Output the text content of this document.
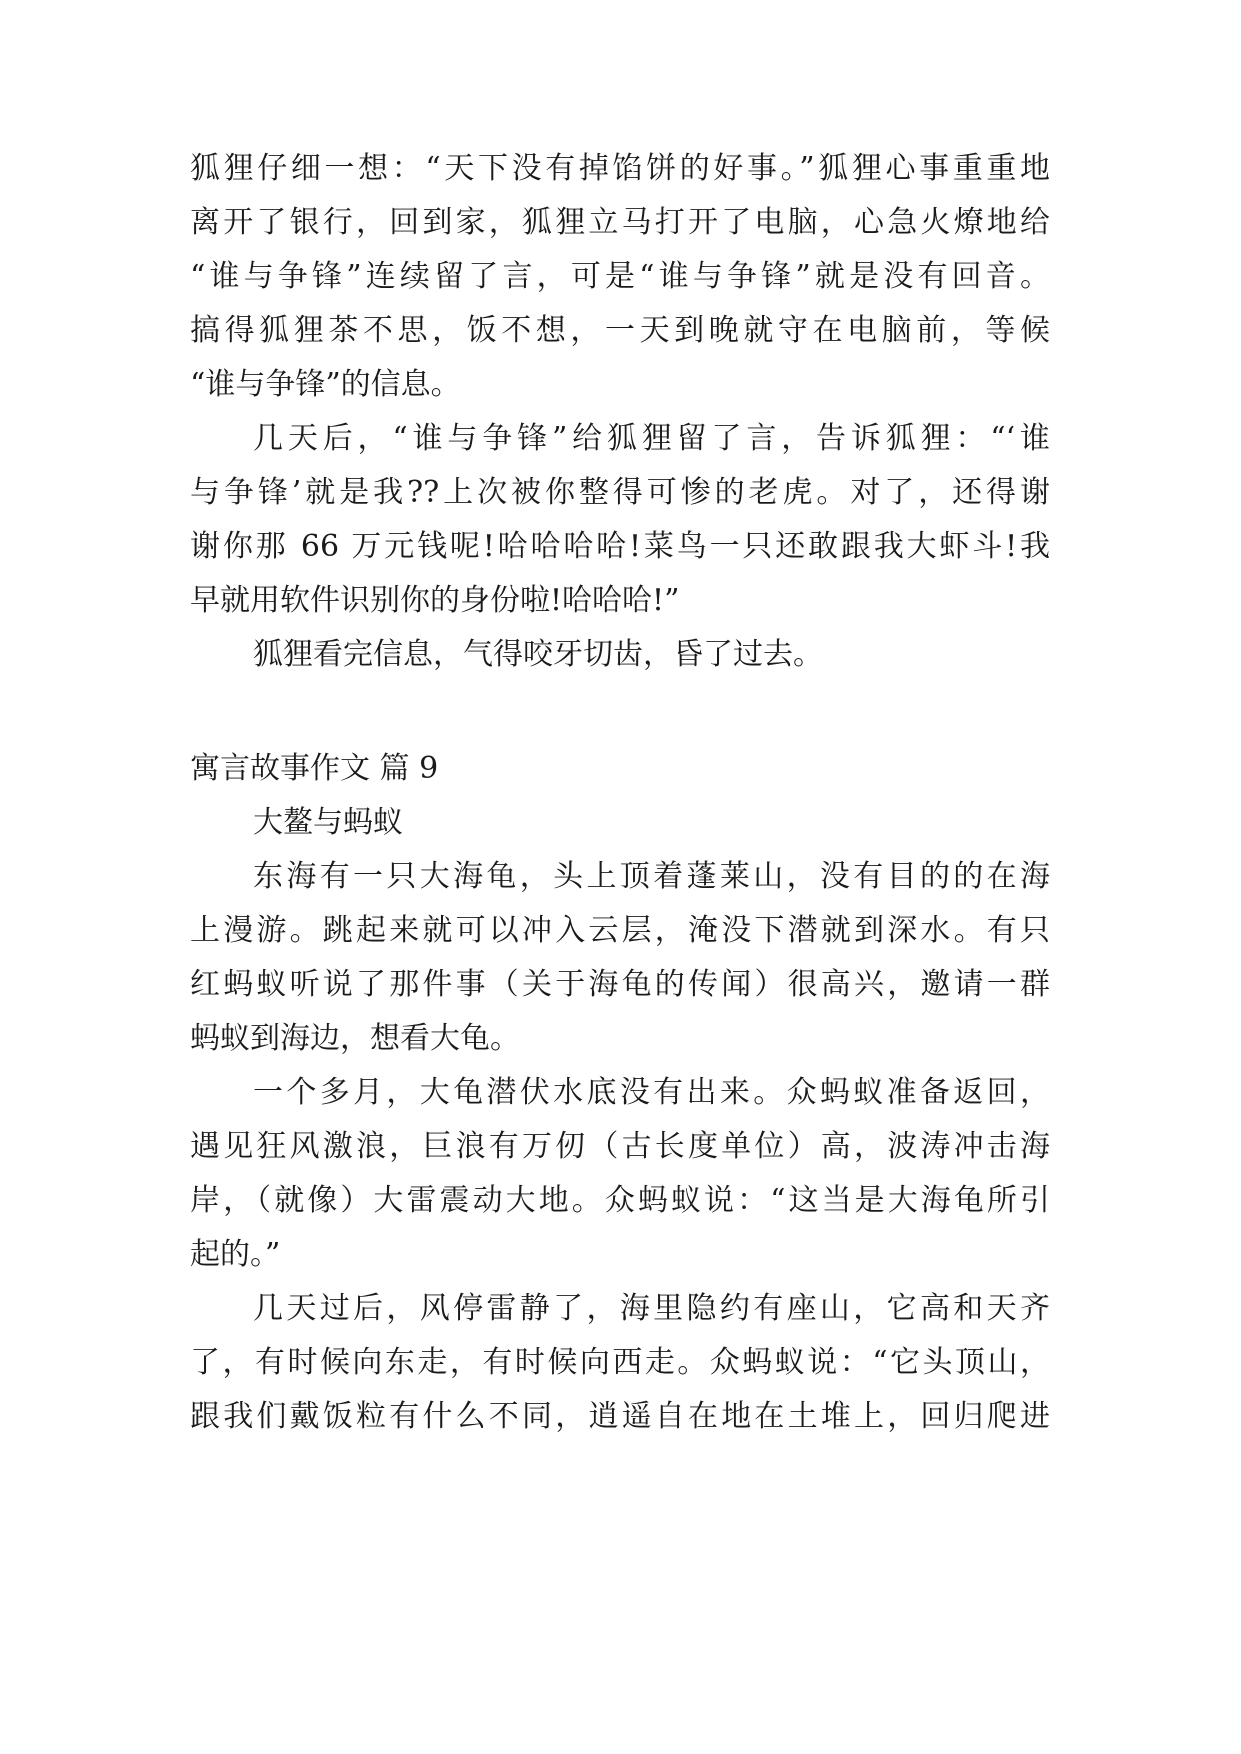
狐狸仔细一想：“天下没有掉馅饼的好事。”狐狸心事重重地
离开了银行，回到家，狐狸立马打开了电脑，心急火燎地给
“谁与争锋”连续留了言，可是“谁与争锋”就是没有回音。
搞得狐狸茶不思，饭不想，一天到晚就守在电脑前，等候
“谁与争锋”的信息。
几天后，“谁与争锋”给狐狸留了言，告诉狐狸：“‘谁
与争锋’就是我??上次被你整得可惨的老虎。对了，还得谢
谢你那 66 万元钱呢!哈哈哈哈!菜鸟一只还敢跟我大虾斗!我
早就用软件识别你的身份啦!哈哈哈!”
狐狸看完信息，气得咬牙切齿，昏了过去。
寓言故事作文 篇 9
大鳌与蚂蚁
东海有一只大海龟，头上顶着蓬莱山，没有目的的在海
上漫游。跳起来就可以冲入云层，淹没下潜就到深水。有只
红蚂蚁听说了那件事（关于海龟的传闻）很高兴，邀请一群
蚂蚁到海边，想看大龟。
一个多月，大龟潜伏水底没有出来。众蚂蚁准备返回，
遇见狂风激浪，巨浪有万仞（古长度单位）高，波涛冲击海
岸，（就像）大雷震动大地。众蚂蚁说：“这当是大海龟所引
起的。”
几天过后，风停雷静了，海里隐约有座山，它高和天齐
了，有时候向东走，有时候向西走。众蚂蚁说：“它头顶山，
跟我们戴饭粒有什么不同，逍遥自在地在土堆上，回归爬进
